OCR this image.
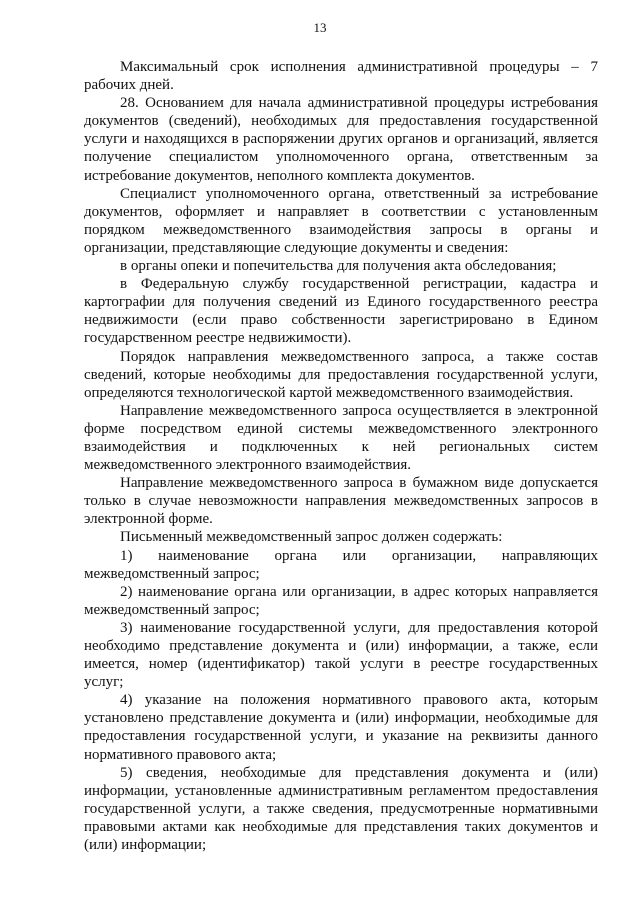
13

Максимальный срок исполнения административной процедуры – 7 рабочих дней.

28. Основанием для начала административной процедуры истребования документов (сведений), необходимых для предоставления государственной услуги и находящихся в распоряжении других органов и организаций, является получение специалистом уполномоченного органа, ответственным за истребование документов, неполного комплекта документов.

Специалист уполномоченного органа, ответственный за истребование документов, оформляет и направляет в соответствии с установленным порядком межведомственного взаимодействия запросы в органы и организации, представляющие следующие документы и сведения:

в органы опеки и попечительства для получения акта обследования;

в Федеральную службу государственной регистрации, кадастра и картографии для получения сведений из Единого государственного реестра недвижимости (если право собственности зарегистрировано в Едином государственном реестре недвижимости).

Порядок направления межведомственного запроса, а также состав сведений, которые необходимы для предоставления государственной услуги, определяются технологической картой межведомственного взаимодействия.

Направление межведомственного запроса осуществляется в электронной форме посредством единой системы межведомственного электронного взаимодействия и подключенных к ней региональных систем межведомственного электронного взаимодействия.

Направление межведомственного запроса в бумажном виде допускается только в случае невозможности направления межведомственных запросов в электронной форме.

Письменный межведомственный запрос должен содержать:

1) наименование органа или организации, направляющих межведомственный запрос;

2) наименование органа или организации, в адрес которых направляется межведомственный запрос;

3) наименование государственной услуги, для предоставления которой необходимо представление документа и (или) информации, а также, если имеется, номер (идентификатор) такой услуги в реестре государственных услуг;

4) указание на положения нормативного правового акта, которым установлено представление документа и (или) информации, необходимые для предоставления государственной услуги, и указание на реквизиты данного нормативного правового акта;

5) сведения, необходимые для представления документа и (или) информации, установленные административным регламентом предоставления государственной услуги, а также сведения, предусмотренные нормативными правовыми актами как необходимые для представления таких документов и (или) информации;
